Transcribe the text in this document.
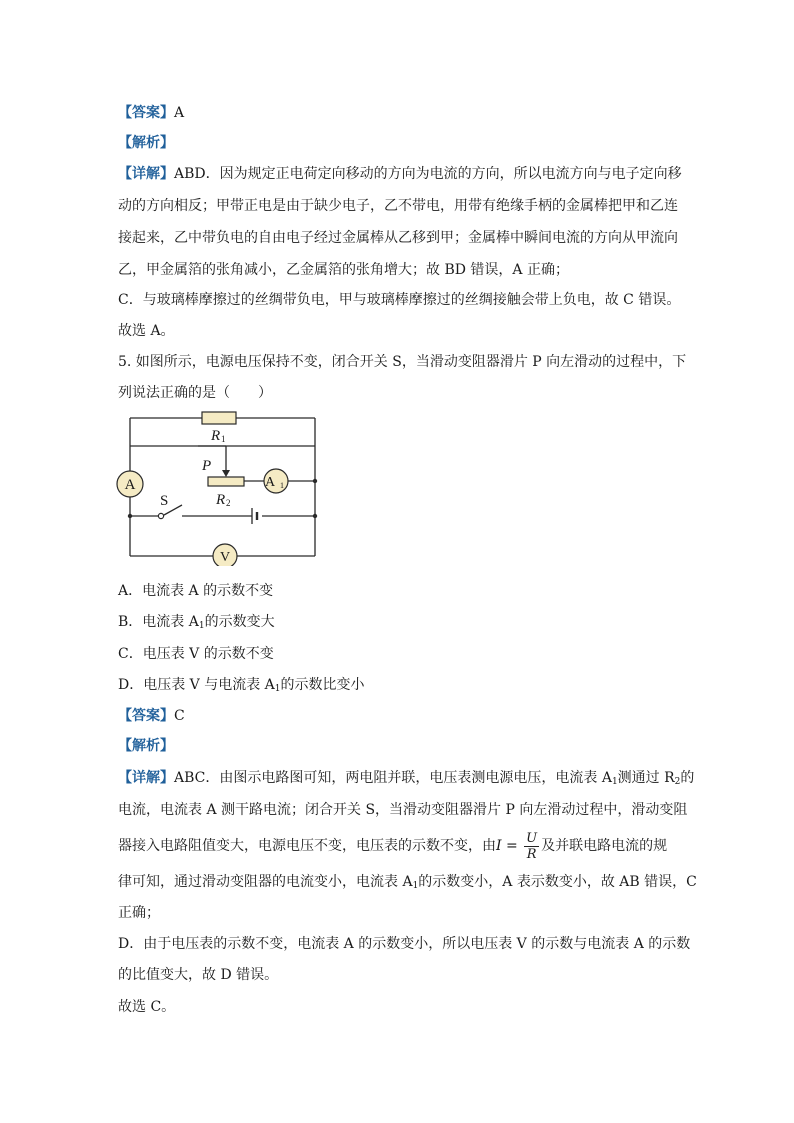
【答案】A
【解析】
【详解】ABD．因为规定正电荷定向移动的方向为电流的方向，所以电流方向与电子定向移
动的方向相反；甲带正电是由于缺少电子，乙不带电，用带有绝缘手柄的金属棒把甲和乙连
接起来，乙中带负电的自由电子经过金属棒从乙移到甲；金属棒中瞬间电流的方向从甲流向
乙，甲金属箔的张角减小，乙金属箔的张角增大；故 BD 错误，A 正确；
C．与玻璃棒摩擦过的丝绸带负电，甲与玻璃棒摩擦过的丝绸接触会带上负电，故 C 错误。
故选 A。
5. 如图所示，电源电压保持不变，闭合开关 S，当滑动变阻器滑片 P 向左滑动的过程中，下
列说法正确的是（　　）
A	A 1
V
R 1
P
R 2
S
A．电流表 A 的示数不变
B．电流表 $A_1$的示数变大
C．电压表 V 的示数不变
D．电压表 V 与电流表 $A_1$的示数比变小
【答案】C
【解析】
【详解】ABC．由图示电路图可知，两电阻并联，电压表测电源电压，电流表 $A_1$测通过 $R_2$的
电流，电流表 A 测干路电流；闭合开关 S，当滑动变阻器滑片 P 向左滑动过程中，滑动变阻
器接入电路阻值变大，电源电压不变，电压表的示数不变，由$I = \frac{U}{R}$ 及并联电路电流的规
律可知，通过滑动变阻器的电流变小，电流表 $A_1$的示数变小，A 表示数变小，故 AB 错误，C
正确；
D．由于电压表的示数不变，电流表 A 的示数变小，所以电压表 V 的示数与电流表 A 的示数
的比值变大，故 D 错误。
故选 C。
